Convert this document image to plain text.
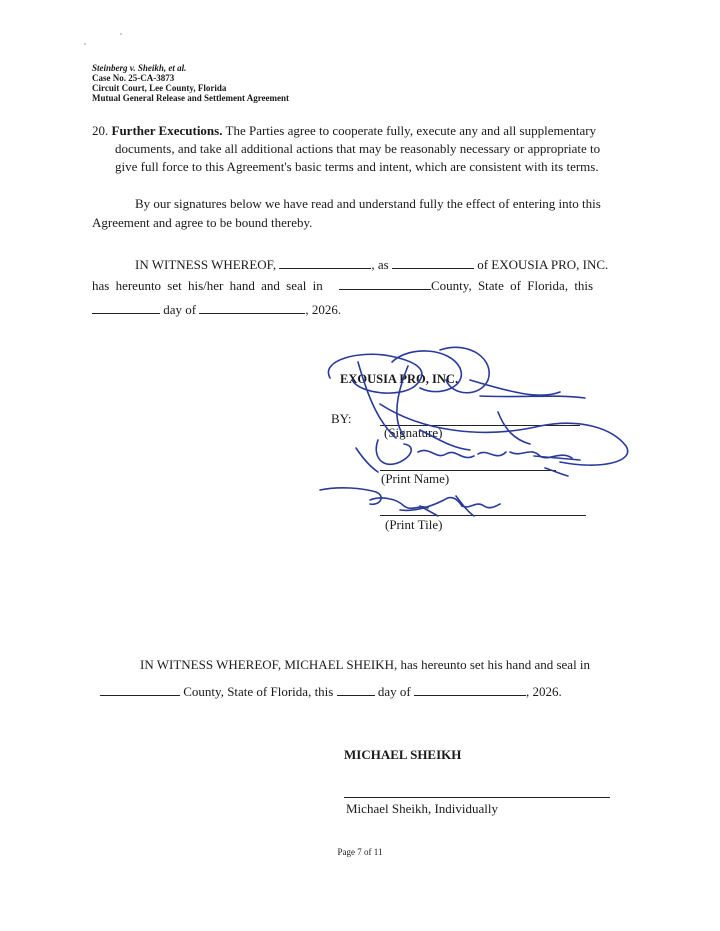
Steinberg v. Sheikh, et al.
Case No. 25-CA-3873
Circuit Court, Lee County, Florida
Mutual General Release and Settlement Agreement
20. Further Executions. The Parties agree to cooperate fully, execute any and all supplementary
documents, and take all additional actions that may be reasonably necessary or appropriate to
give full force to this Agreement's basic terms and intent, which are consistent with its terms.
By our signatures below we have read and understand fully the effect of entering into this
Agreement and agree to be bound thereby.
IN WITNESS WHEREOF,	, as	of EXOUSIA PRO, INC.
has hereunto set his/her hand and seal in	County, State of Florida, this
day of	, 2026.
EXOUSIA PRO, INC.
BY:
(Signature)
(Print Name)
(Print Tile)
IN WITNESS WHEREOF, MICHAEL SHEIKH, has hereunto set his hand and seal in
County, State of Florida, this	day of	, 2026.
MICHAEL SHEIKH
Michael Sheikh, Individually
Page 7 of 11
